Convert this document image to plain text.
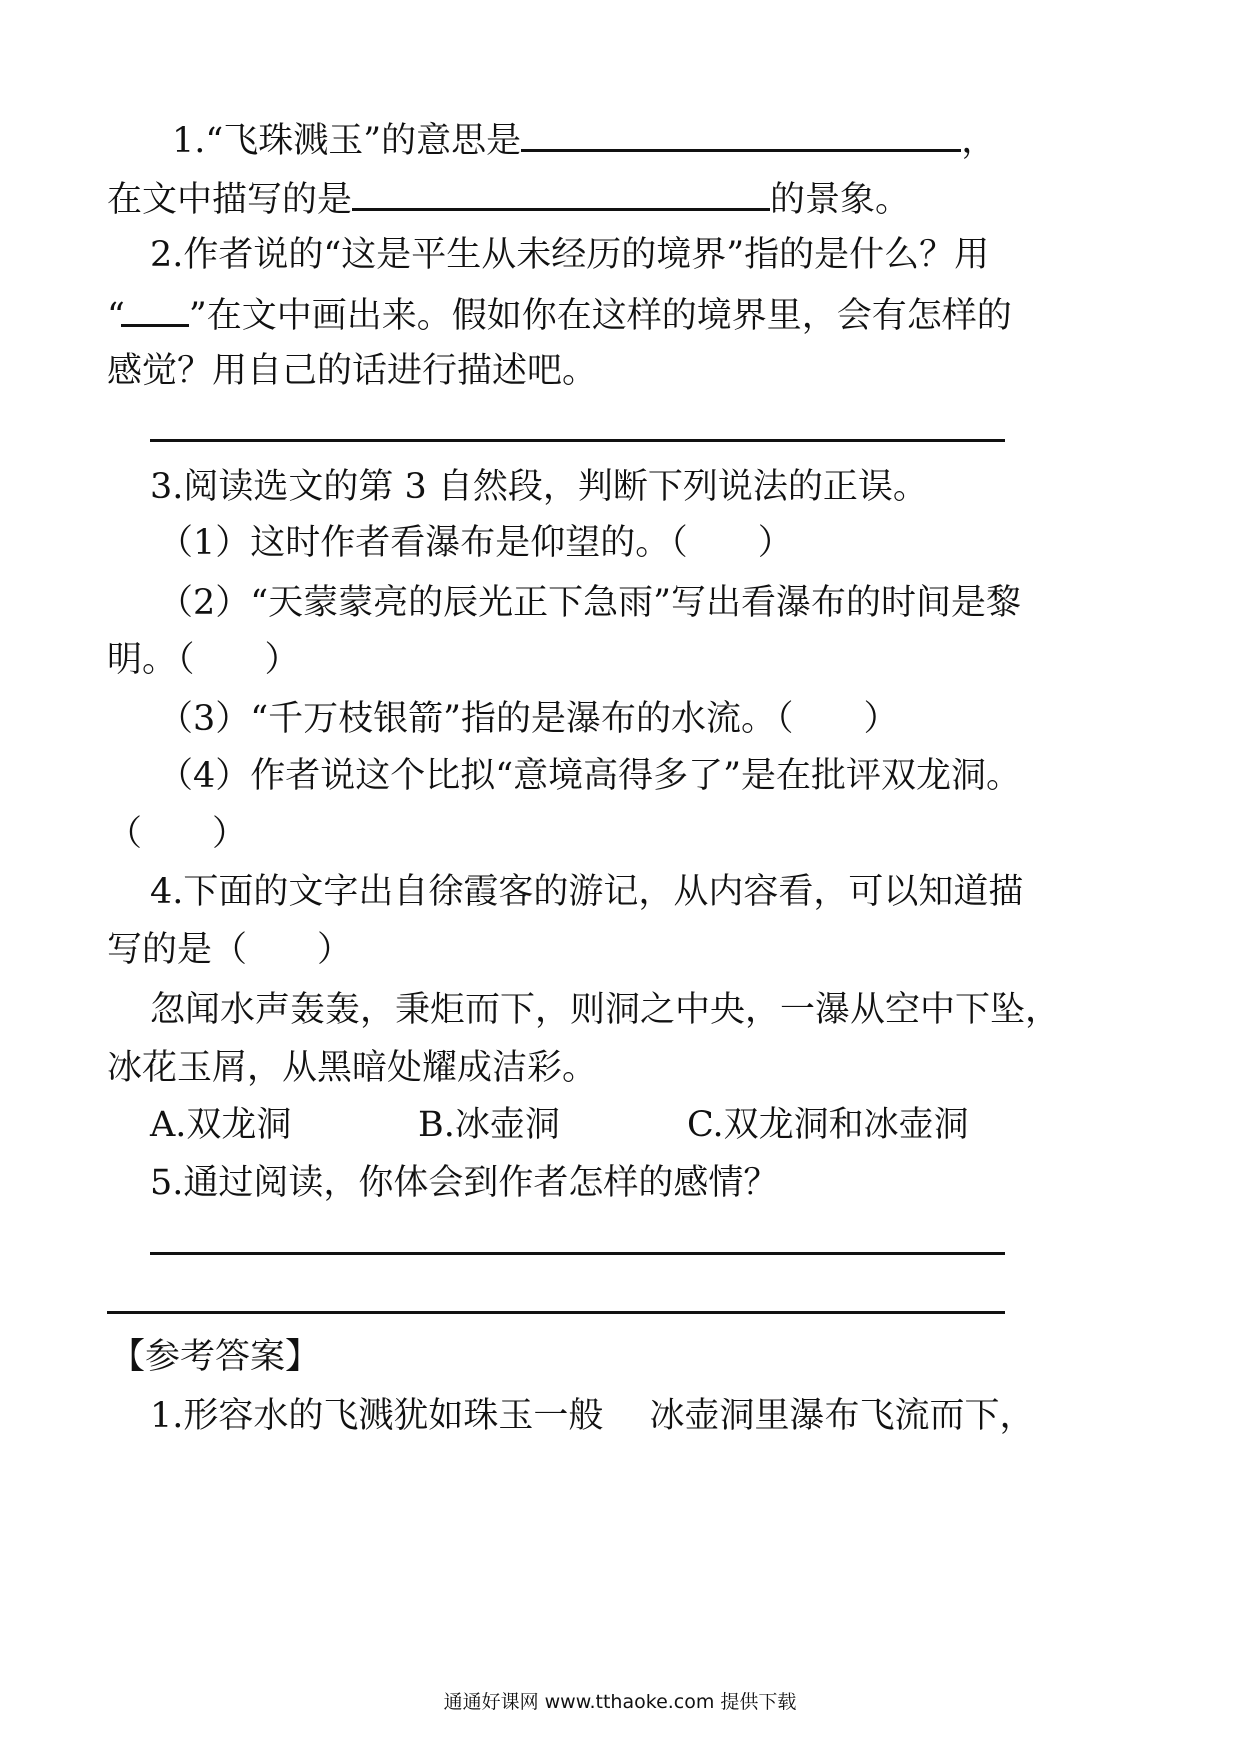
1.“飞珠溅玉”的意思是	，
在文中描写的是	的景象。
2.作者说的“这是平生从未经历的境界”指的是什么？用
“ ”在文中画出来。假如你在这样的境界里，会有怎样的
感觉？用自己的话进行描述吧。
3.阅读选文的第 3 自然段，判断下列说法的正误。
（1）这时作者看瀑布是仰望的。（　　）
（2）“天蒙蒙亮的辰光正下急雨”写出看瀑布的时间是黎
明。（　　）
（3）“千万枝银箭”指的是瀑布的水流。（　　）
（4）作者说这个比拟“意境高得多了”是在批评双龙洞。
（　　）
4.下面的文字出自徐霞客的游记，从内容看，可以知道描
写的是（　　）
忽闻水声轰轰，秉炬而下，则洞之中央，一瀑从空中下坠，
冰花玉屑，从黑暗处耀成洁彩。
A.双龙洞	B.冰壶洞	C.双龙洞和冰壶洞
5.通过阅读，你体会到作者怎样的感情？
【参考答案】
1.形容水的飞溅犹如珠玉一般　 冰壶洞里瀑布飞流而下，
通通好课网 www.tthaoke.com 提供下载
